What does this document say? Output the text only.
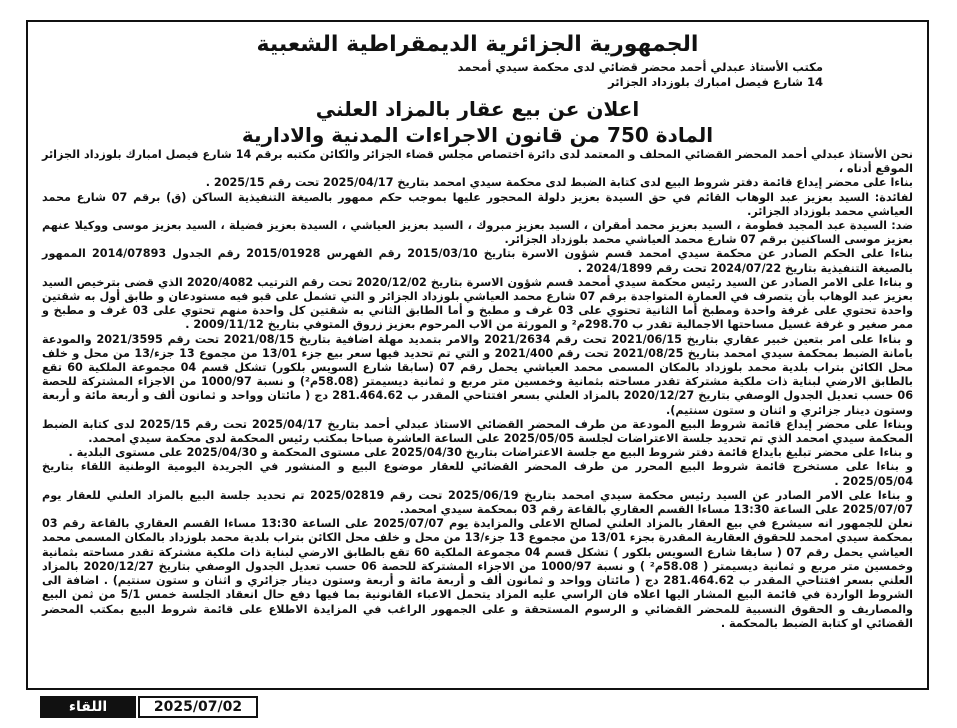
الجمهورية الجزائرية الديمقراطية الشعبية
مكتب الأستاذ عبدلي أحمد محضر قضائي لدى محكمة سيدي أمحمد
14 شارع فيصل امبارك بلوزداد الجزائر
اعلان عن بيع عقار بالمزاد العلني
المادة 750 من قانون الاجراءات المدنية والادارية

نحن الأستاذ عبدلي أحمد المحضر القضائي المحلف و المعتمد لدى دائرة اختصاص مجلس قضاء الجزائر والكائن مكتبه برقم 14 شارع فيصل امبارك بلوزداد الجزائر الموقع أدناه ،

بناءا على محضر إيداع قائمة دفتر شروط البيع لدى كتابة الضبط لدى محكمة سيدي امحمد بتاريخ 2025/04/17 تحت رقم 2025/15 .

لفائدة: السيد بعزيز عبد الوهاب القائم في حق السيدة بعزيز دلولة المحجور عليها بموجب حكم ممهور بالصيغة التنفيذية الساكن (ق) برقم 07 شارع محمد العياشي محمد بلوزداد الجزائر.

ضد: السيدة عبد المجيد فطومة ، السيد بعزيز محمد أمقران ، السيد بعزيز مبروك ، السيد بعزيز العياشي ، السيدة بعزيز فضيلة ، السيد بعزيز موسى ووكيلا عنهم بعزيز موسى الساكنين برقم 07 شارع محمد العياشي محمد بلوزداد الجزائر.

بناءا على الحكم الصادر عن محكمة سيدي امحمد قسم شؤون الاسرة بتاريخ 2015/03/10 رقم الفهرس 2015/01928 رقم الجدول 2014/07893 الممهور بالصيغة التنفيذية بتاريخ 2024/07/22 تحت رقم 2024/1899 .

و بناءا على الامر الصادر عن السيد رئيس محكمة سيدي أمحمد قسم شؤون الاسرة بتاريخ 2020/12/02 تحت رقم الترتيب 2020/4082 الذي قضى بترخيص السيد بعزيز عبد الوهاب بأن يتصرف في العمارة المتواجدة برقم 07 شارع محمد العياشي بلوزداد الجزائر و التي تشمل على قبو فيه مستودعان و طابق أول به شقتين واحدة تحتوي على غرفة واحدة ومطبخ أما الثانية تحتوي على 03 غرف و مطبخ و أما الطابق الثاني به شقتين كل واحدة منهم تحتوي على 03 غرف و مطبخ و ممر صغير و غرفة غسيل مساحتها الاجمالية تقدر ب 298.70م² و المورثة من الاب المرحوم بعزيز زروق المتوفي بتاريخ 2009/11/12 .

و بناءا على امر بتعين خبير عقاري بتاريخ 2021/06/15 تحت رقم 2021/2634 والامر بتمديد مهلة اضافية بتاريخ 2021/08/15 تحت رقم 2021/3595 والمودعة بامانة الضبط بمحكمة سيدي امحمد بتاريخ 2021/08/25 تحت رقم 2021/400 و التي تم تحديد فيها سعر بيع جزء 13/01 من مجموع 13 جزء/13 من محل و خلف محل الكائن بتراب بلدية محمد بلوزداد بالمكان المسمى محمد العياشي يحمل رقم 07 (سابقا شارع السويس بلكور) تشكل قسم 04 مجموعة الملكية 60 تقع بالطابق الارضي لبناية ذات ملكية مشتركة تقدر مساحته بثمانية وخمسين متر مربع و ثمانية ديسيمتر (58.08م²) و نسبة 1000/97 من الاجزاء المشتركة للحصة 06 حسب تعديل الجدول الوصفي بتاريخ 2020/12/27 بالمزاد العلني بسعر افتتاحي المقدر ب 281.464.62 دج ( مائتان وواحد و ثمانون ألف و أربعة مائة و أربعة وستون دينار جزائري و اثنان و ستون سنتيم).

وبناءا على محضر إيداع قائمة شروط البيع المودعة من طرف المحضر القضائي الاستاذ عبدلي أحمد بتاريخ 2025/04/17 تحت رقم 2025/15 لدى كتابة الضبط المحكمة سيدي امحمد الذي تم تحديد جلسة الاعتراضات لجلسة 2025/05/05 على الساعة العاشرة صباحا بمكتب رئيس المحكمة لدى محكمة سيدي امحمد.

و بناءا على محضر تبليغ بايداع قائمة دفتر شروط البيع مع جلسة الاعتراضات بتاريخ 2025/04/30 على مستوى المحكمة و 2025/04/30 على مستوى البلدية .

و بناءا على مستخرج قائمة شروط البيع المحرر من طرف المحضر القضائي للعقار موضوع البيع و المنشور في الجريدة اليومية الوطنية اللقاء بتاريخ 2025/05/04 .

و بناءا على الامر الصادر عن السيد رئيس محكمة سيدي امحمد بتاريخ 2025/06/19 تحت رقم 2025/02819 تم تحديد جلسة البيع بالمزاد العلني للعقار يوم 2025/07/07 على الساعة 13:30 مساءا القسم العقاري بالقاعة رقم 03 بمحكمة سيدي امحمد.

نعلن للجمهور انه سيشرع في بيع العقار بالمزاد العلني لصالح الاعلى والمزايدة يوم 2025/07/07 على الساعة 13:30 مساءا القسم العقاري بالقاعة رقم 03 بمحكمة سيدي امحمد للحقوق العقارية المقدرة بجزء 13/01 من مجموع 13 جزء/13 من محل و خلف محل الكائن بتراب بلدية محمد بلوزداد بالمكان المسمى محمد العياشي يحمل رقم 07 ( سابقا شارع السويس بلكور ) تشكل قسم 04 مجموعة الملكية 60 تقع بالطابق الارضي لبناية ذات ملكية مشتركة تقدر مساحته بثمانية وخمسين متر مربع و ثمانية ديسيمتر ( 58.08م² ) و نسبة 1000/97 من الاجزاء المشتركة للحصة 06 حسب تعديل الجدول الوصفي بتاريخ 2020/12/27 بالمزاد العلني بسعر افتتاحي المقدر ب 281.464.62 دج ( مائتان وواحد و ثمانون ألف و أربعة مائة و أربعة وستون دينار جزائري و اثنان و ستون سنتيم) . اضافة الى الشروط الواردة في قائمة البيع المشار اليها اعلاه فان الراسي عليه المزاد يتحمل الاعباء القانونية بما فيها دفع حال انعقاد الجلسة خمس 5/1 من ثمن البيع والمصاريف و الحقوق النسبية للمحضر القضائي و الرسوم المستحقة و على الجمهور الراغب في المزايدة الاطلاع على قائمة شروط البيع بمكتب المحضر القضائي او كتابة الضبط بالمحكمة .

2025/07/02
اللقاء
